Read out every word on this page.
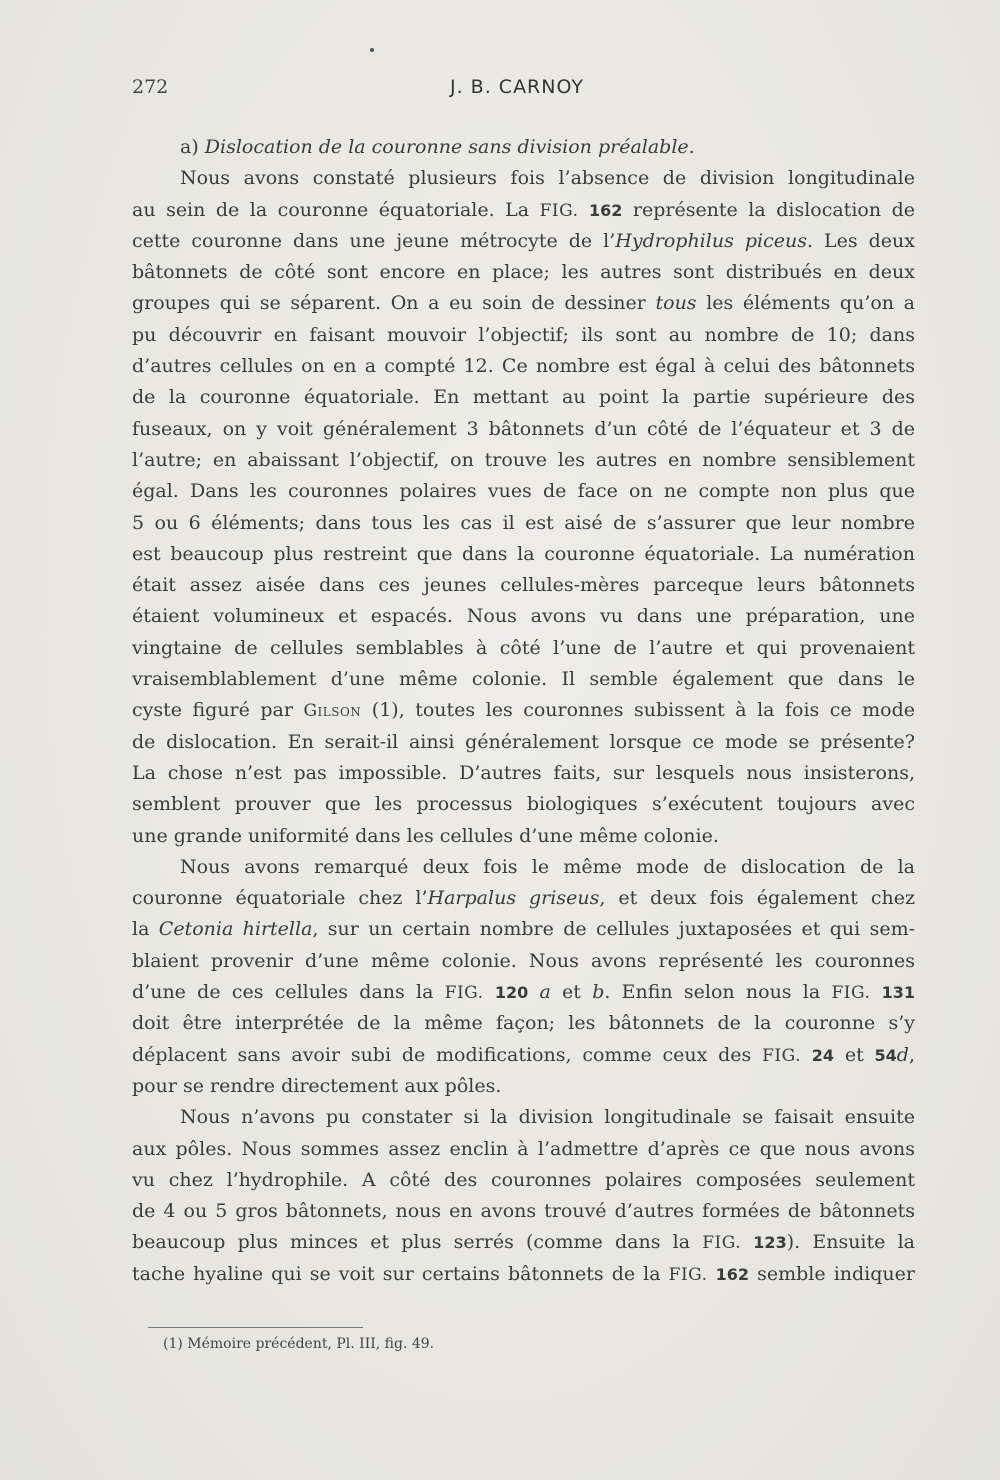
272	J. B. CARNOY
a) Dislocation de la couronne sans division préalable.
Nous avons constaté plusieurs fois l’absence de division longitudinale
au sein de la couronne équatoriale. La FIG. 162 représente la dislocation de
cette couronne dans une jeune métrocyte de l’Hydrophilus piceus. Les deux
bâtonnets de côté sont encore en place; les autres sont distribués en deux
groupes qui se séparent. On a eu soin de dessiner tous les éléments qu’on a
pu découvrir en faisant mouvoir l’objectif; ils sont au nombre de 10; dans
d’autres cellules on en a compté 12. Ce nombre est égal à celui des bâtonnets
de la couronne équatoriale. En mettant au point la partie supérieure des
fuseaux, on y voit généralement 3 bâtonnets d’un côté de l’équateur et 3 de
l’autre; en abaissant l’objectif, on trouve les autres en nombre sensiblement
égal. Dans les couronnes polaires vues de face on ne compte non plus que
5 ou 6 éléments; dans tous les cas il est aisé de s’assurer que leur nombre
est beaucoup plus restreint que dans la couronne équatoriale. La numération
était assez aisée dans ces jeunes cellules-mères parceque leurs bâtonnets
étaient volumineux et espacés. Nous avons vu dans une préparation, une
vingtaine de cellules semblables à côté l’une de l’autre et qui provenaient
vraisemblablement d’une même colonie. Il semble également que dans le
cyste figuré par Gilson (1), toutes les couronnes subissent à la fois ce mode
de dislocation. En serait-il ainsi généralement lorsque ce mode se présente?
La chose n’est pas impossible. D’autres faits, sur lesquels nous insisterons,
semblent prouver que les processus biologiques s’exécutent toujours avec
une grande uniformité dans les cellules d’une même colonie.
Nous avons remarqué deux fois le même mode de dislocation de la
couronne équatoriale chez l’Harpalus griseus, et deux fois également chez
la Cetonia hirtella, sur un certain nombre de cellules juxtaposées et qui sem-
blaient provenir d’une même colonie. Nous avons représenté les couronnes
d’une de ces cellules dans la FIG. 120 a et b. Enfin selon nous la FIG. 131
doit être interprétée de la même façon; les bâtonnets de la couronne s’y
déplacent sans avoir subi de modifications, comme ceux des FIG. 24 et 54d,
pour se rendre directement aux pôles.
Nous n’avons pu constater si la division longitudinale se faisait ensuite
aux pôles. Nous sommes assez enclin à l’admettre d’après ce que nous avons
vu chez l’hydrophile. A côté des couronnes polaires composées seulement
de 4 ou 5 gros bâtonnets, nous en avons trouvé d’autres formées de bâtonnets
beaucoup plus minces et plus serrés (comme dans la FIG. 123). Ensuite la
tache hyaline qui se voit sur certains bâtonnets de la FIG. 162 semble indiquer
(1) Mémoire précédent, Pl. III, fig. 49.
